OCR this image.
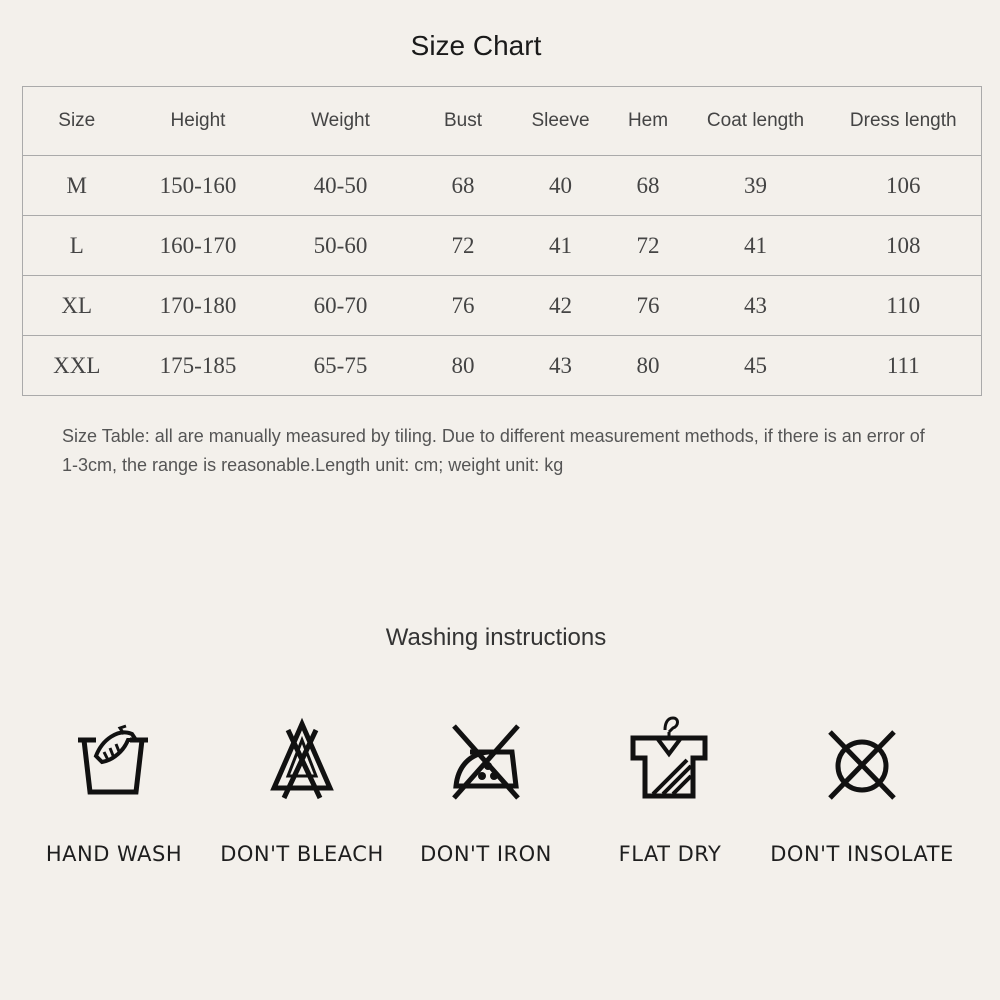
Size Chart
Size	Height	Weight	Bust	Sleeve	Hem	Coat length	Dress length
M	150-160	40-50	68	40	68	39	106
L	160-170	50-60	72	41	72	41	108
XL	170-180	60-70	76	42	76	43	110
XXL	175-185	65-75	80	43	80	45	111
Size Table: all are manually measured by tiling. Due to different measurement methods, if there is an error of 1-3cm, the range is reasonable.Length unit: cm; weight unit: kg
Washing instructions
HAND WASH	DON'T BLEACH	DON'T IRON	FLAT DRY	DON'T INSOLATE
